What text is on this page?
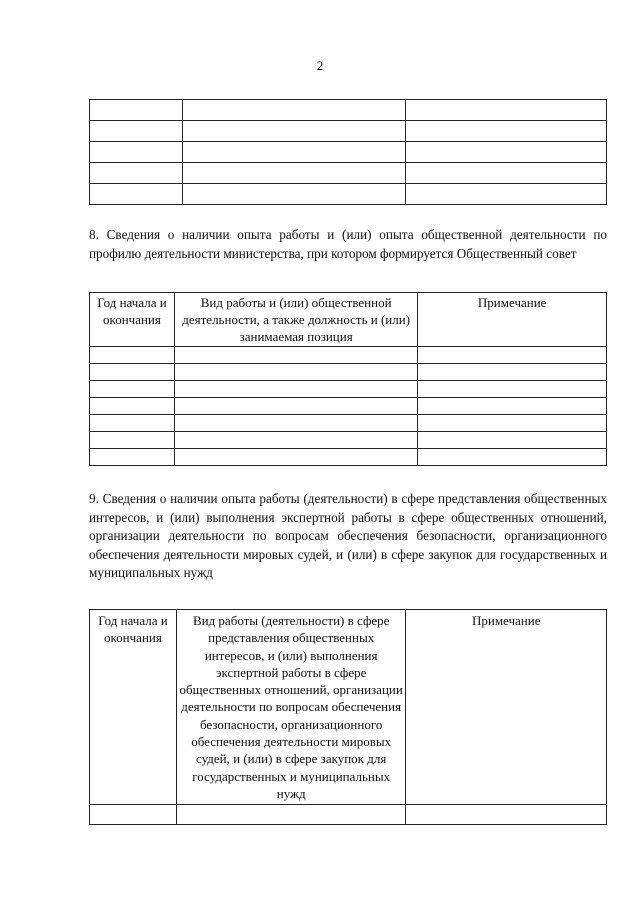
2

8. Сведения о наличии опыта работы и (или) опыта общественной деятельности по профилю деятельности министерства, при котором формируется Общественный совет
Год начала и окончания	Вид работы и (или) общественной деятельности, а также должность и (или) занимаемая позиция	Примечание

9. Сведения о наличии опыта работы (деятельности) в сфере представления общественных интересов, и (или) выполнения экспертной работы в сфере общественных отношений, организации деятельности по вопросам обеспечения безопасности, организационного обеспечения деятельности мировых судей, и (или) в сфере закупок для государственных и муниципальных нужд
Год начала и окончания	Вид работы (деятельности) в сфере представления общественных интересов, и (или) выполнения экспертной работы в сфере общественных отношений, организации деятельности по вопросам обеспечения безопасности, организационного обеспечения деятельности мировых судей, и (или) в сфере закупок для государственных и муниципальных нужд	Примечание
